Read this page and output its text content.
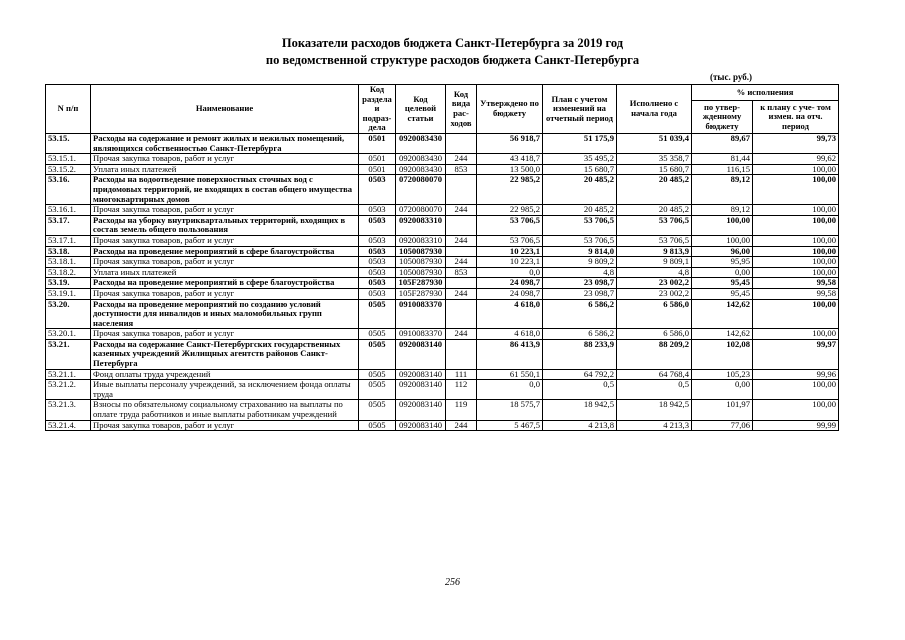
Показатели расходов бюджета Санкт-Петербурга за 2019 год
по ведомственной структуре расходов бюджета Санкт-Петербурга
(тыс. руб.)
N п/п	Наименование	Код раздела и подраз- дела	Код целевой статьи	Код вида рас- ходов	Утверждено по бюджету	План с учетом изменений на отчетный период	Исполнено с начала года	% исполнения	
								по утвер- жденному бюджету	к плану с уче- том измен. на отч. период
53.15.	Расходы на содержание и ремонт жилых и нежилых помещений, являющихся собственностью Санкт-Петербурга	0501	0920083430		56 918,7	51 175,9	51 039,4	89,67	99,73
53.15.1.	Прочая закупка товаров, работ и услуг	0501	0920083430	244	43 418,7	35 495,2	35 358,7	81,44	99,62
53.15.2.	Уплата иных платежей	0501	0920083430	853	13 500,0	15 680,7	15 680,7	116,15	100,00
53.16.	Расходы на водоотведение поверхностных сточных вод с придомовых территорий, не входящих в состав общего имущества многоквартирных домов	0503	0720080070		22 985,2	20 485,2	20 485,2	89,12	100,00
53.16.1.	Прочая закупка товаров, работ и услуг	0503	0720080070	244	22 985,2	20 485,2	20 485,2	89,12	100,00
53.17.	Расходы на уборку внутриквартальных территорий, входящих в состав земель общего пользования	0503	0920083310		53 706,5	53 706,5	53 706,5	100,00	100,00
53.17.1.	Прочая закупка товаров, работ и услуг	0503	0920083310	244	53 706,5	53 706,5	53 706,5	100,00	100,00
53.18.	Расходы на проведение мероприятий в сфере благоустройства	0503	1050087930		10 223,1	9 814,0	9 813,9	96,00	100,00
53.18.1.	Прочая закупка товаров, работ и услуг	0503	1050087930	244	10 223,1	9 809,2	9 809,1	95,95	100,00
53.18.2.	Уплата иных платежей	0503	1050087930	853	0,0	4,8	4,8	0,00	100,00
53.19.	Расходы на проведение мероприятий в сфере благоустройства	0503	105F287930		24 098,7	23 098,7	23 002,2	95,45	99,58
53.19.1.	Прочая закупка товаров, работ и услуг	0503	105F287930	244	24 098,7	23 098,7	23 002,2	95,45	99,58
53.20.	Расходы на проведение мероприятий по созданию условий доступности для инвалидов и иных маломобильных групп населения	0505	0910083370		4 618,0	6 586,2	6 586,0	142,62	100,00
53.20.1.	Прочая закупка товаров, работ и услуг	0505	0910083370	244	4 618,0	6 586,2	6 586,0	142,62	100,00
53.21.	Расходы на содержание Санкт-Петербургских государственных казенных учреждений Жилищных агентств районов Санкт-Петербурга	0505	0920083140		86 413,9	88 233,9	88 209,2	102,08	99,97
53.21.1.	Фонд оплаты труда учреждений	0505	0920083140	111	61 550,1	64 792,2	64 768,4	105,23	99,96
53.21.2.	Иные выплаты персоналу учреждений, за исключением фонда оплаты труда	0505	0920083140	112	0,0	0,5	0,5	0,00	100,00
53.21.3.	Взносы по обязательному социальному страхованию на выплаты по оплате труда работников и иные выплаты работникам учреждений	0505	0920083140	119	18 575,7	18 942,5	18 942,5	101,97	100,00
53.21.4.	Прочая закупка товаров, работ и услуг	0505	0920083140	244	5 467,5	4 213,8	4 213,3	77,06	99,99
256
